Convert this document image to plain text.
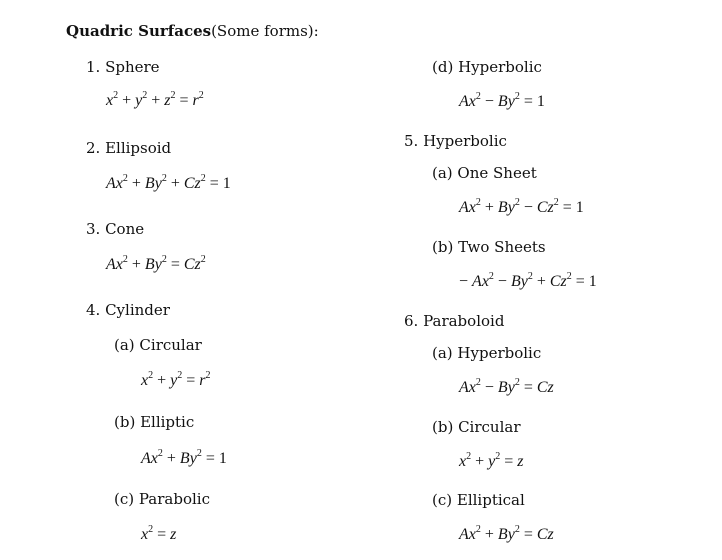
Quadric Surfaces(Some forms):
1. Sphere
$x^2 + y^2 + z^2 = r^2$
2. Ellipsoid
$Ax^2 + By^2 + Cz^2 = 1$
3. Cone
$Ax^2 + By^2 = Cz^2$
4. Cylinder
(a) Circular
$x^2 + y^2 = r^2$
(b) Elliptic
$Ax^2 + By^2 = 1$
(c) Parabolic
$x^2 = z$
(d) Hyperbolic
$Ax^2 - By^2 = 1$
5. Hyperbolic
(a) One Sheet
$Ax^2 + By^2 - Cz^2 = 1$
(b) Two Sheets
− $Ax^2 - By^2 + Cz^2 = 1$
6. Paraboloid
(a) Hyperbolic
$Ax^2 - By^2 = Cz$
(b) Circular
$x^2 + y^2 = z$
(c) Elliptical
$Ax^2 + By^2 = Cz$
